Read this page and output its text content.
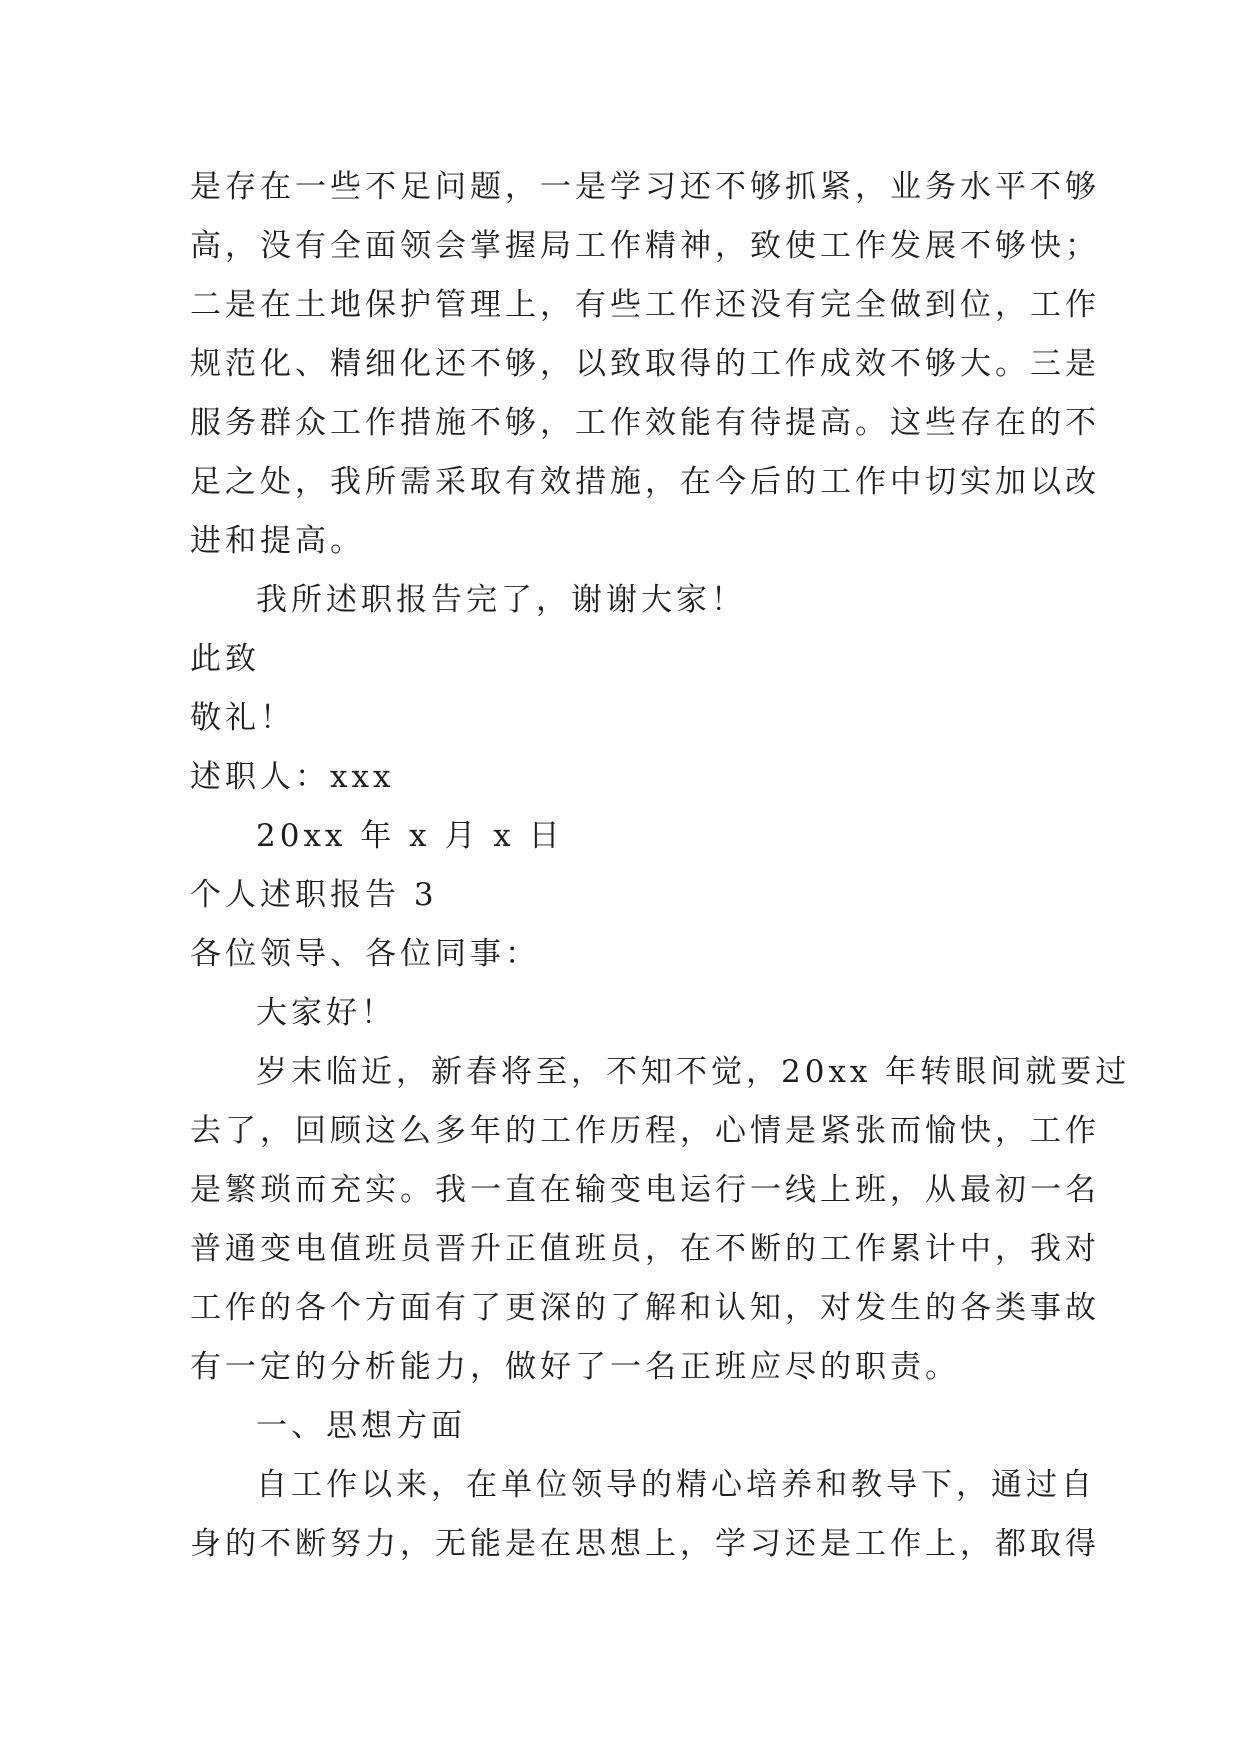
是存在一些不足问题，一是学习还不够抓紧，业务水平不够
高，没有全面领会掌握局工作精神，致使工作发展不够快；
二是在土地保护管理上，有些工作还没有完全做到位，工作
规范化、精细化还不够，以致取得的工作成效不够大。三是
服务群众工作措施不够，工作效能有待提高。这些存在的不
足之处，我所需采取有效措施，在今后的工作中切实加以改
进和提高。
我所述职报告完了，谢谢大家！
此致
敬礼！
述职人：xxx
20xx 年 x 月 x 日
个人述职报告 3
各位领导、各位同事：
大家好！
岁末临近，新春将至，不知不觉，20xx 年转眼间就要过
去了，回顾这么多年的工作历程，心情是紧张而愉快，工作
是繁琐而充实。我一直在输变电运行一线上班，从最初一名
普通变电值班员晋升正值班员，在不断的工作累计中，我对
工作的各个方面有了更深的了解和认知，对发生的各类事故
有一定的分析能力，做好了一名正班应尽的职责。
一、思想方面
自工作以来，在单位领导的精心培养和教导下，通过自
身的不断努力，无能是在思想上，学习还是工作上，都取得
